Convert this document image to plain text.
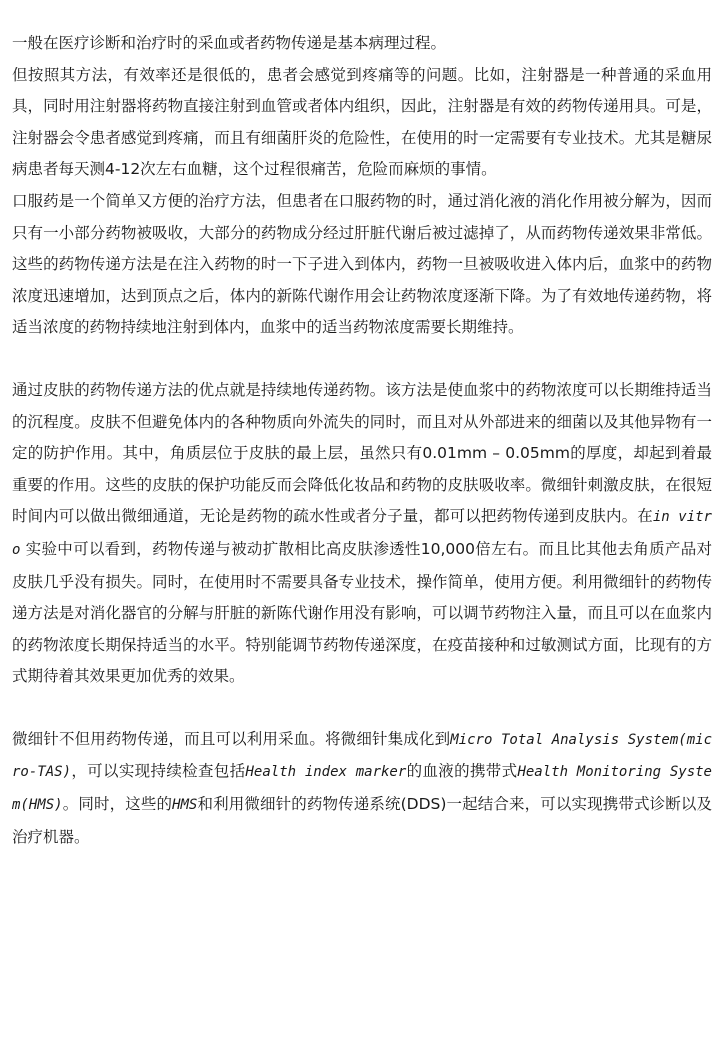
一般在医疗诊断和治疗时的采血或者药物传递是基本病理过程。

但按照其方法，有效率还是很低的，患者会感觉到疼痛等的问题。比如，注射器是一种普通的采血用具，同时用注射器将药物直接注射到血管或者体内组织，因此，注射器是有效的药物传递用具。可是，注射器会令患者感觉到疼痛，而且有细菌肝炎的危险性，在使用的时一定需要有专业技术。尤其是糖尿病患者每天测4-12次左右血糖，这个过程很痛苦，危险而麻烦的事情。

口服药是一个简单又方便的治疗方法，但患者在口服药物的时，通过消化液的消化作用被分解为，因而只有一小部分药物被吸收，大部分的药物成分经过肝脏代谢后被过滤掉了，从而药物传递效果非常低。这些的药物传递方法是在注入药物的时一下子进入到体内，药物一旦被吸收进入体内后，血浆中的药物浓度迅速增加，达到顶点之后，体内的新陈代谢作用会让药物浓度逐渐下降。为了有效地传递药物，将适当浓度的药物持续地注射到体内，血浆中的适当药物浓度需要长期维持。

通过皮肤的药物传递方法的优点就是持续地传递药物。该方法是使血浆中的药物浓度可以长期维持适当的沉程度。皮肤不但避免体内的各种物质向外流失的同时，而且对从外部进来的细菌以及其他异物有一定的防护作用。其中，角质层位于皮肤的最上层，虽然只有0.01mm – 0.05mm的厚度，却起到着最重要的作用。这些的皮肤的保护功能反而会降低化妆品和药物的皮肤吸收率。微细针刺激皮肤，在很短时间内可以做出微细通道，无论是药物的疏水性或者分子量，都可以把药物传递到皮肤内。在in vitro 实验中可以看到，药物传递与被动扩散相比高皮肤渗透性10,000倍左右。而且比其他去角质产品对皮肤几乎没有损失。同时，在使用时不需要具备专业技术，操作简单，使用方便。利用微细针的药物传递方法是对消化器官的分解与肝脏的新陈代谢作用没有影响，可以调节药物注入量，而且可以在血浆内的药物浓度长期保持适当的水平。特别能调节药物传递深度，在疫苗接种和过敏测试方面，比现有的方式期待着其效果更加优秀的效果。

微细针不但用药物传递，而且可以利用采血。将微细针集成化到Micro Total Analysis System(micro-TAS)，可以实现持续检查包括Health index marker的血液的携带式Health Monitoring System(HMS)。同时，这些的HMS和利用微细针的药物传递系统(DDS)一起结合来，可以实现携带式诊断以及治疗机器。
